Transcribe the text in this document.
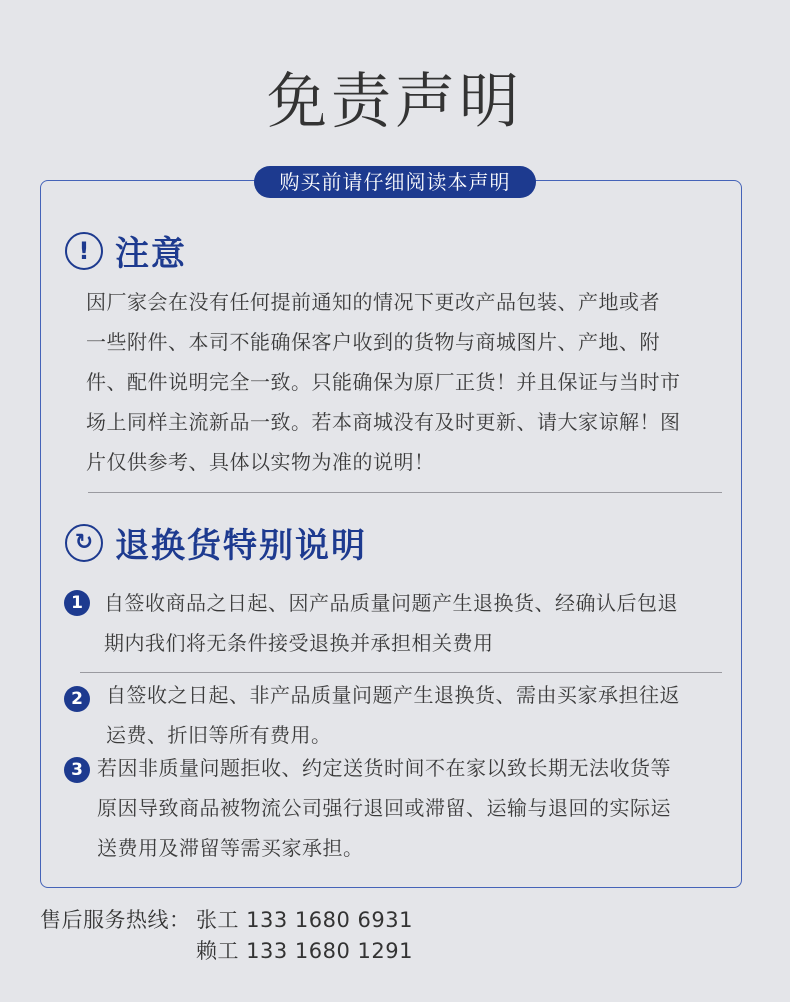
免责声明
购买前请仔细阅读本声明
! 注意
因厂家会在没有任何提前通知的情况下更改产品包装、产地或者
一些附件、本司不能确保客户收到的货物与商城图片、产地、附
件、配件说明完全一致。只能确保为原厂正货！并且保证与当时市
场上同样主流新品一致。若本商城没有及时更新、请大家谅解！图
片仅供参考、具体以实物为准的说明！
↻ 退换货特别说明
1	自签收商品之日起、因产品质量问题产生退换货、经确认后包退
期内我们将无条件接受退换并承担相关费用
2	自签收之日起、非产品质量问题产生退换货、需由买家承担往返
运费、折旧等所有费用。
3 若因非质量问题拒收、约定送货时间不在家以致长期无法收货等
原因导致商品被物流公司强行退回或滞留、运输与退回的实际运
送费用及滞留等需买家承担。
售后服务热线： 张工 133 1680 6931
赖工 133 1680 1291
